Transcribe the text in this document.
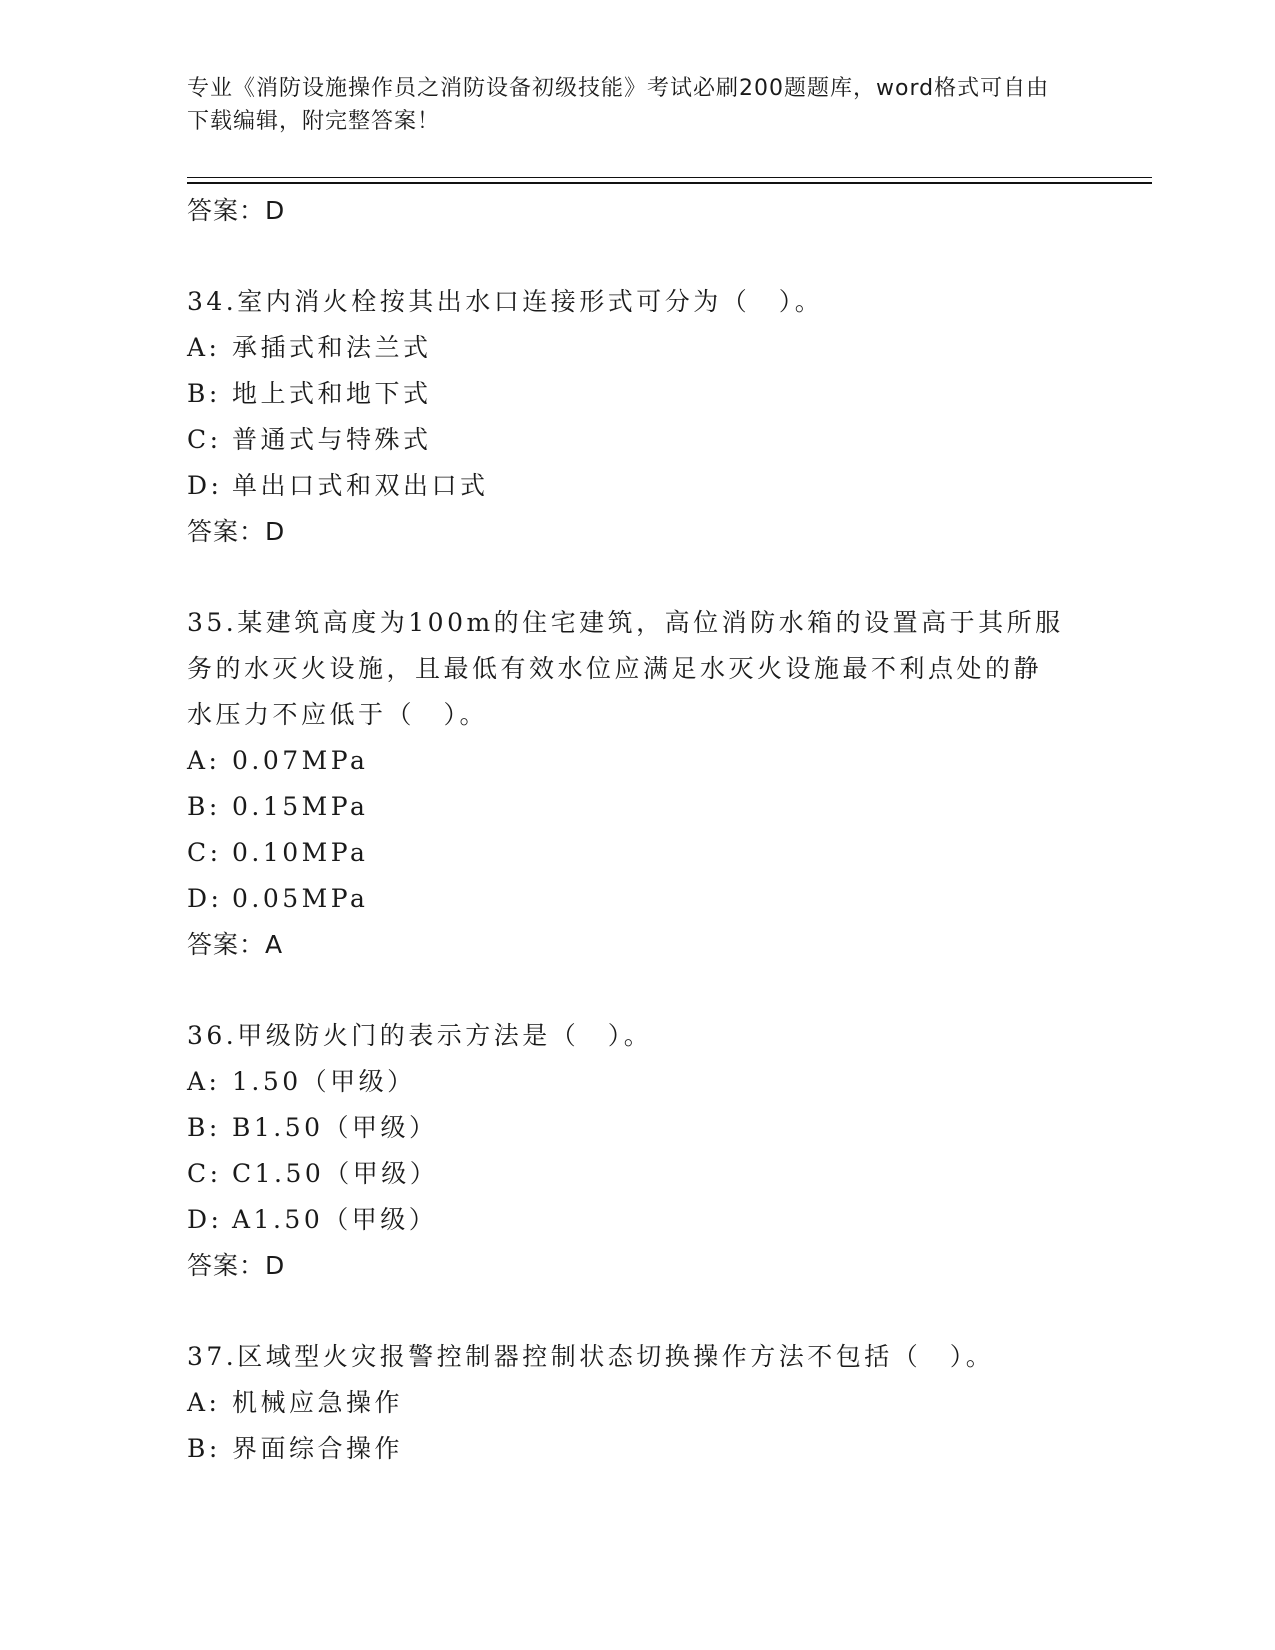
专业《消防设施操作员之消防设备初级技能》考试必刷200题题库，word格式可自由下载编辑，附完整答案！
答案：D
34.室内消火栓按其出水口连接形式可分为（　）。
A: 承插式和法兰式
B: 地上式和地下式
C: 普通式与特殊式
D: 单出口式和双出口式
答案：D
35.某建筑高度为100m的住宅建筑，高位消防水箱的设置高于其所服务的水灭火设施，且最低有效水位应满足水灭火设施最不利点处的静水压力不应低于（　）。
A: 0.07MPa
B: 0.15MPa
C: 0.10MPa
D: 0.05MPa
答案：A
36.甲级防火门的表示方法是（　）。
A: 1.50（甲级）
B: B1.50（甲级）
C: C1.50（甲级）
D: A1.50（甲级）
答案：D
37.区域型火灾报警控制器控制状态切换操作方法不包括（　）。
A: 机械应急操作
B: 界面综合操作
